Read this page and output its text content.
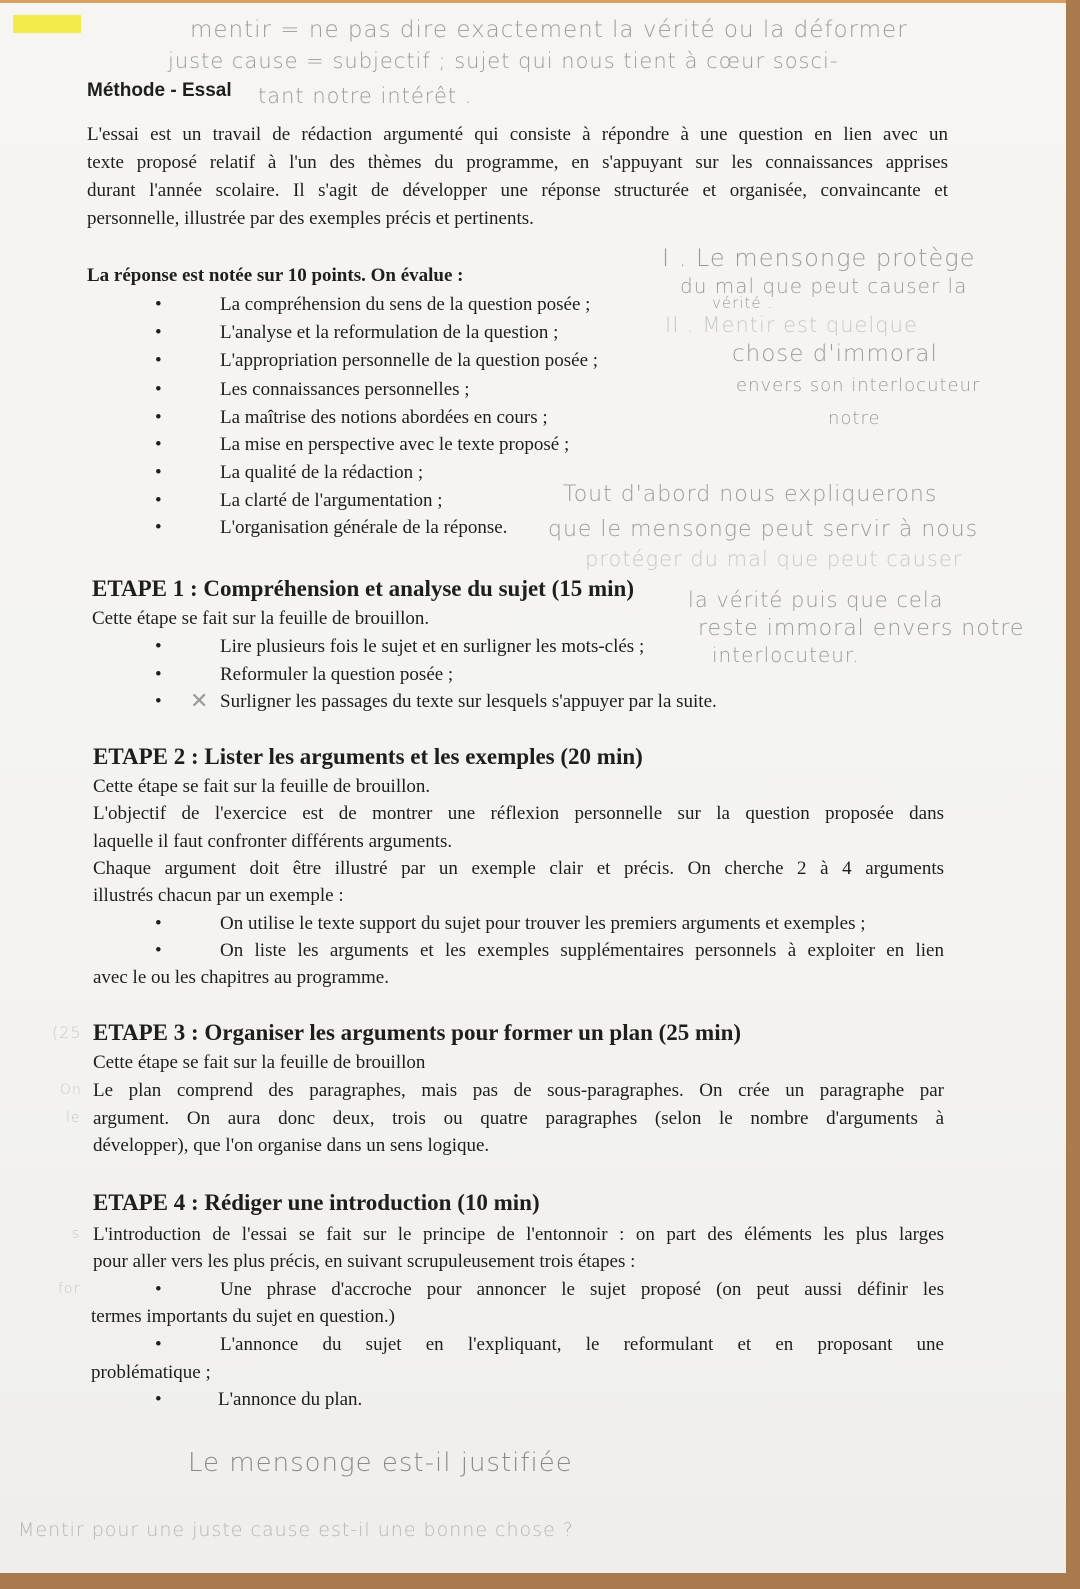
mentir = ne pas dire exactement la vérité ou la déformer
juste cause = subjectif ; sujet qui nous tient à cœur sosci-
tant notre intérêt .
Méthode - Essal
L'essai est un travail de rédaction argumenté qui consiste à répondre à une question en lien avec un
texte proposé relatif à l'un des thèmes du programme, en s'appuyant sur les connaissances apprises
durant l'année scolaire. Il s'agit de développer une réponse structurée et organisée, convaincante et
personnelle, illustrée par des exemples précis et pertinents.
La réponse est notée sur 10 points. On évalue :
•	La compréhension du sens de la question posée ;
•	L'analyse et la reformulation de la question ;
•	L'appropriation personnelle de la question posée ;
•	Les connaissances personnelles ;
•	La maîtrise des notions abordées en cours ;
•	La mise en perspective avec le texte proposé ;
•	La qualité de la rédaction ;
•	La clarté de l'argumentation ;
•	L'organisation générale de la réponse.
I . Le mensonge protège
du mal que peut causer la
vérité .
II . Mentir est quelque
chose d'immoral
envers son interlocuteur
notre
Tout d'abord nous expliquerons
que le mensonge peut servir à nous
protéger du mal que peut causer
la vérité puis que cela
reste immoral envers notre
interlocuteur.
ETAPE 1 : Compréhension et analyse du sujet (15 min)
Cette étape se fait sur la feuille de brouillon.
•	Lire plusieurs fois le sujet et en surligner les mots-clés ;
•	Reformuler la question posée ;
• ✕ Surligner les passages du texte sur lesquels s'appuyer par la suite.
ETAPE 2 : Lister les arguments et les exemples (20 min)
Cette étape se fait sur la feuille de brouillon.
L'objectif de l'exercice est de montrer une réflexion personnelle sur la question proposée dans
laquelle il faut confronter différents arguments.
Chaque argument doit être illustré par un exemple clair et précis. On cherche 2 à 4 arguments
illustrés chacun par un exemple :
•	On utilise le texte support du sujet pour trouver les premiers arguments et exemples ;
•	On liste les arguments et les exemples supplémentaires personnels à exploiter en lien
avec le ou les chapitres au programme.
(25 ETAPE 3 : Organiser les arguments pour former un plan (25 min)
Cette étape se fait sur la feuille de brouillon
On Le plan comprend des paragraphes, mais pas de sous-paragraphes. On crée un paragraphe par
le argument. On aura donc deux, trois ou quatre paragraphes (selon le nombre d'arguments à
développer), que l'on organise dans un sens logique.
ETAPE 4 : Rédiger une introduction (10 min)
s L'introduction de l'essai se fait sur le principe de l'entonnoir : on part des éléments les plus larges
pour aller vers les plus précis, en suivant scrupuleusement trois étapes :
for	•	Une phrase d'accroche pour annoncer le sujet proposé (on peut aussi définir les
termes importants du sujet en question.)
•	L'annonce du sujet en l'expliquant, le reformulant et en proposant une
problématique ;
•	L'annonce du plan.
Le mensonge est-il justifiée
Mentir pour une juste cause est-il une bonne chose ?
